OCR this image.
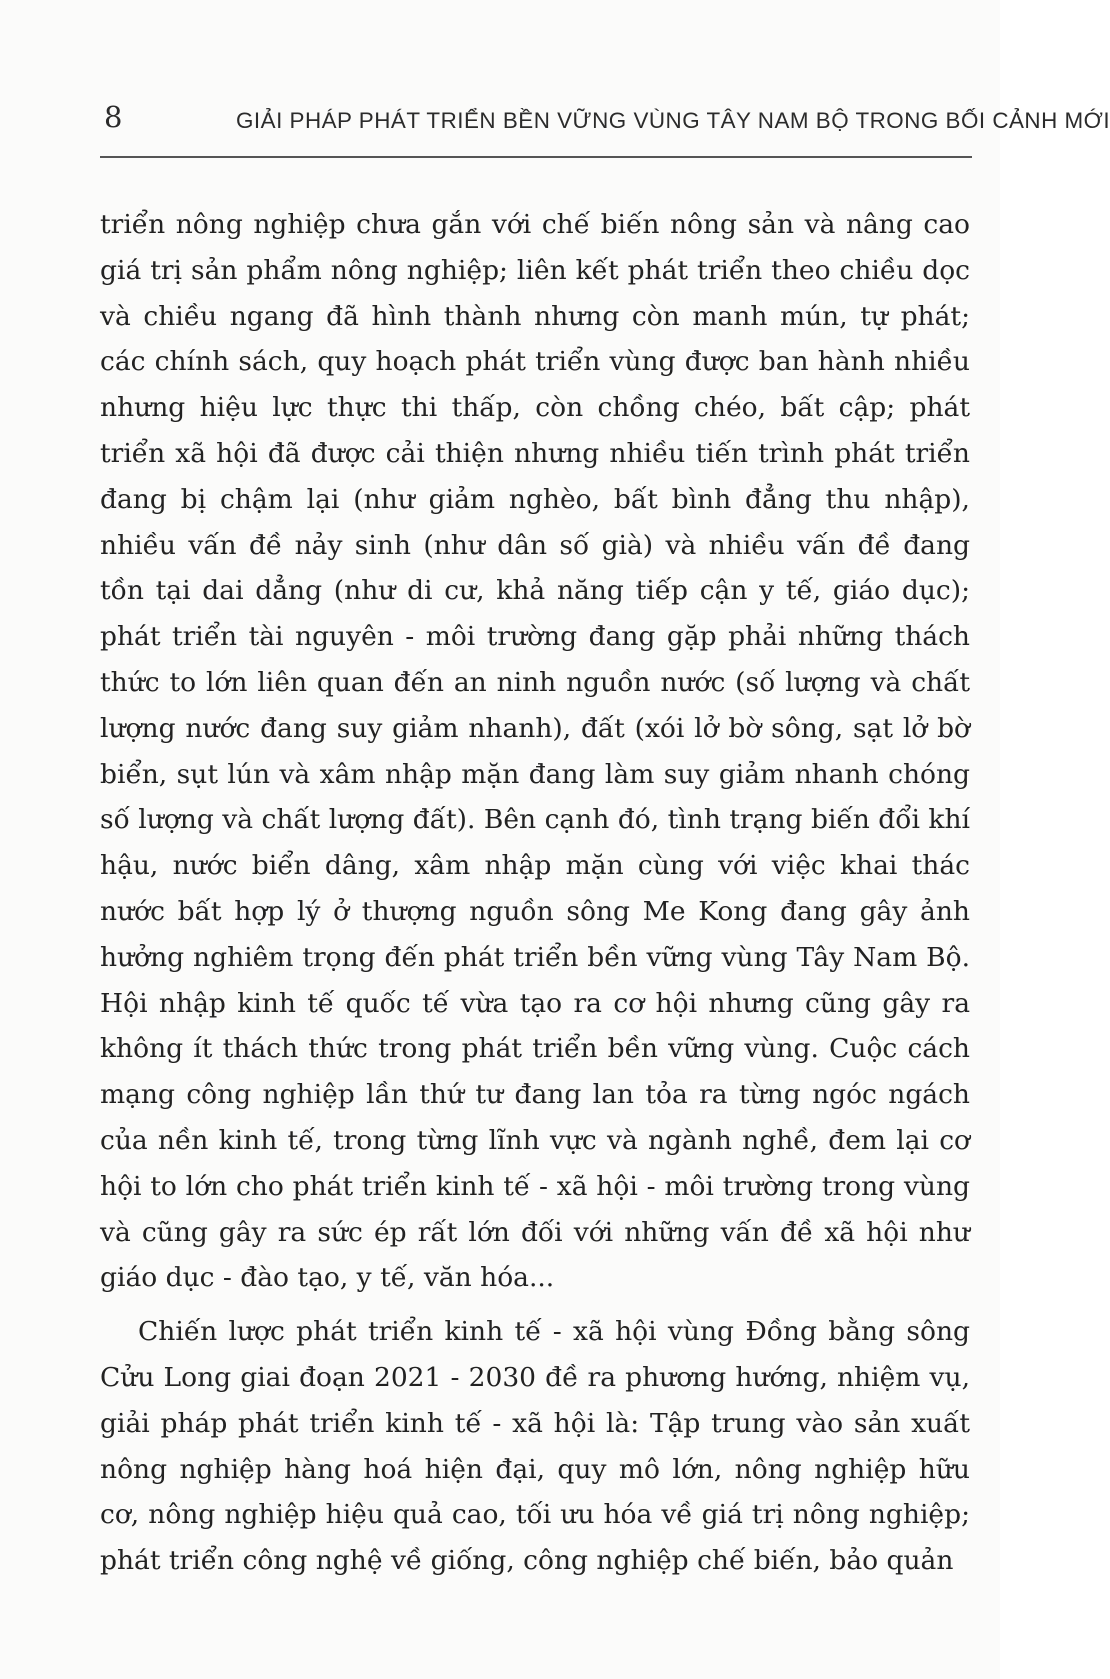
8	GIẢI PHÁP PHÁT TRIỂN BỀN VỮNG VÙNG TÂY NAM BỘ TRONG BỐI CẢNH MỚI

triển nông nghiệp chưa gắn với chế biến nông sản và nâng cao giá trị sản phẩm nông nghiệp; liên kết phát triển theo chiều dọc và chiều ngang đã hình thành nhưng còn manh mún, tự phát; các chính sách, quy hoạch phát triển vùng được ban hành nhiều nhưng hiệu lực thực thi thấp, còn chồng chéo, bất cập; phát triển xã hội đã được cải thiện nhưng nhiều tiến trình phát triển đang bị chậm lại (như giảm nghèo, bất bình đẳng thu nhập), nhiều vấn đề nảy sinh (như dân số già) và nhiều vấn đề đang tồn tại dai dẳng (như di cư, khả năng tiếp cận y tế, giáo dục); phát triển tài nguyên - môi trường đang gặp phải những thách thức to lớn liên quan đến an ninh nguồn nước (số lượng và chất lượng nước đang suy giảm nhanh), đất (xói lở bờ sông, sạt lở bờ biển, sụt lún và xâm nhập mặn đang làm suy giảm nhanh chóng số lượng và chất lượng đất). Bên cạnh đó, tình trạng biến đổi khí hậu, nước biển dâng, xâm nhập mặn cùng với việc khai thác nước bất hợp lý ở thượng nguồn sông Me Kong đang gây ảnh hưởng nghiêm trọng đến phát triển bền vững vùng Tây Nam Bộ. Hội nhập kinh tế quốc tế vừa tạo ra cơ hội nhưng cũng gây ra không ít thách thức trong phát triển bền vững vùng. Cuộc cách mạng công nghiệp lần thứ tư đang lan tỏa ra từng ngóc ngách của nền kinh tế, trong từng lĩnh vực và ngành nghề, đem lại cơ hội to lớn cho phát triển kinh tế - xã hội - môi trường trong vùng và cũng gây ra sức ép rất lớn đối với những vấn đề xã hội như giáo dục - đào tạo, y tế, văn hóa...

Chiến lược phát triển kinh tế - xã hội vùng Đồng bằng sông Cửu Long giai đoạn 2021 - 2030 đề ra phương hướng, nhiệm vụ, giải pháp phát triển kinh tế - xã hội là: Tập trung vào sản xuất nông nghiệp hàng hoá hiện đại, quy mô lớn, nông nghiệp hữu cơ, nông nghiệp hiệu quả cao, tối ưu hóa về giá trị nông nghiệp; phát triển công nghệ về giống, công nghiệp chế biến, bảo quản
